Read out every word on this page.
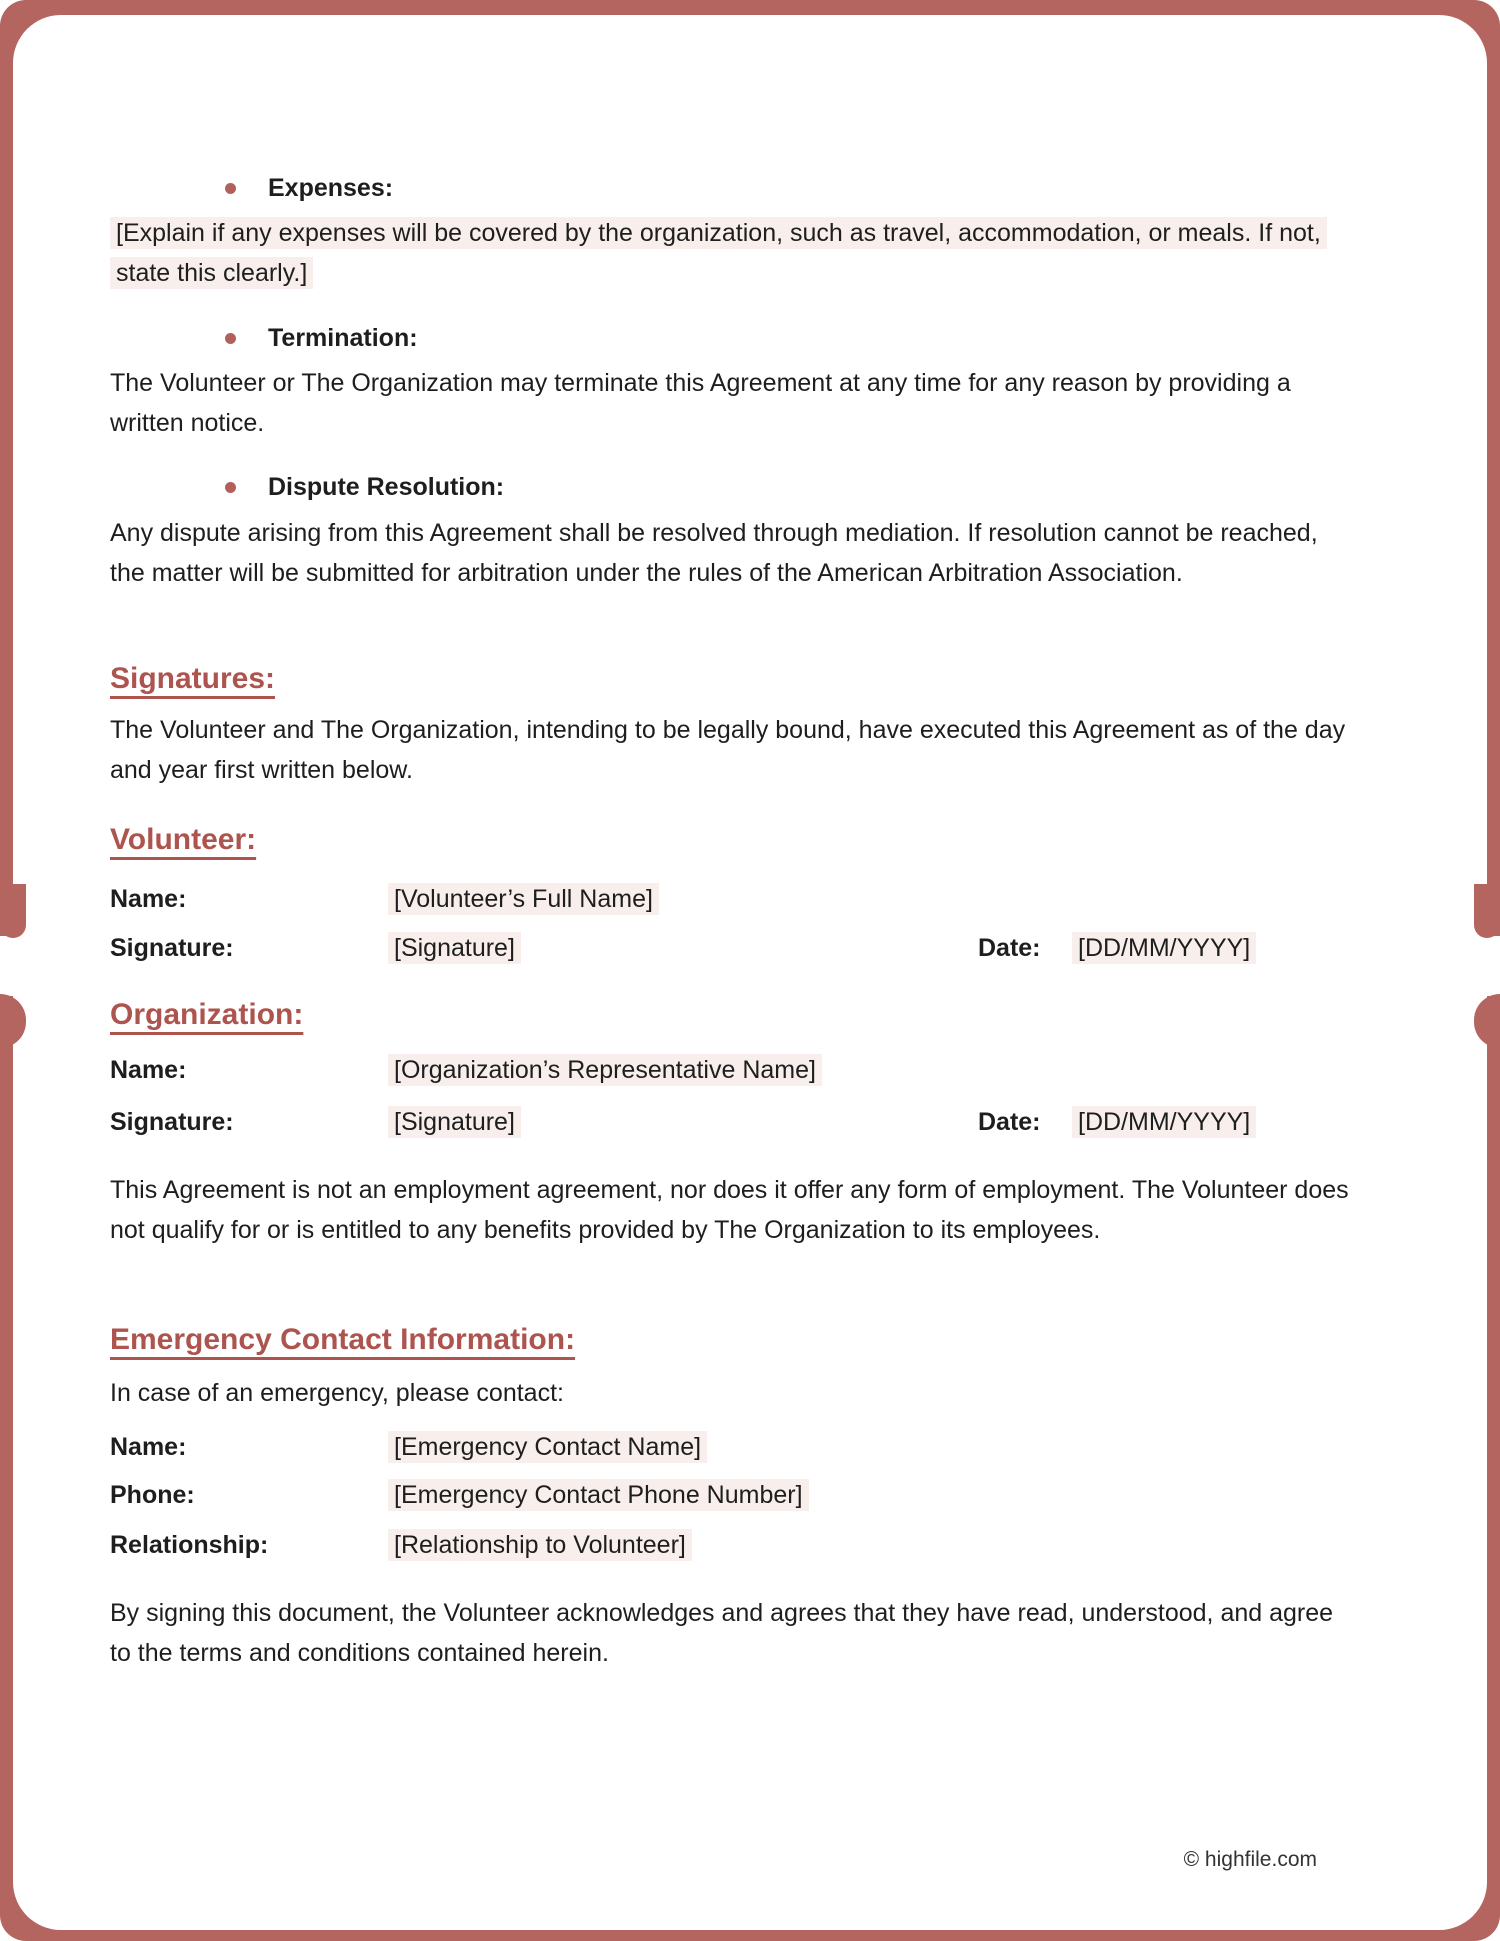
Expenses:

[Explain if any expenses will be covered by the organization, such as travel, accommodation, or meals. If not, state this clearly.]

Termination:

The Volunteer or The Organization may terminate this Agreement at any time for any reason by providing a written notice.

Dispute Resolution:

Any dispute arising from this Agreement shall be resolved through mediation. If resolution cannot be reached, the matter will be submitted for arbitration under the rules of the American Arbitration Association.

Signatures:

The Volunteer and The Organization, intending to be legally bound, have executed this Agreement as of the day and year first written below.

Volunteer:
Name:	[Volunteer’s Full Name]
Signature:	[Signature]	Date: [DD/MM/YYYY]
Organization:
Name:	[Organization’s Representative Name]
Signature:	[Signature]	Date: [DD/MM/YYYY]

This Agreement is not an employment agreement, nor does it offer any form of employment. The Volunteer does not qualify for or is entitled to any benefits provided by The Organization to its employees.

Emergency Contact Information:

In case of an emergency, please contact:

Name:	[Emergency Contact Name]
Phone:	[Emergency Contact Phone Number]
Relationship:	[Relationship to Volunteer]

By signing this document, the Volunteer acknowledges and agrees that they have read, understood, and agree to the terms and conditions contained herein.

© highfile.com
